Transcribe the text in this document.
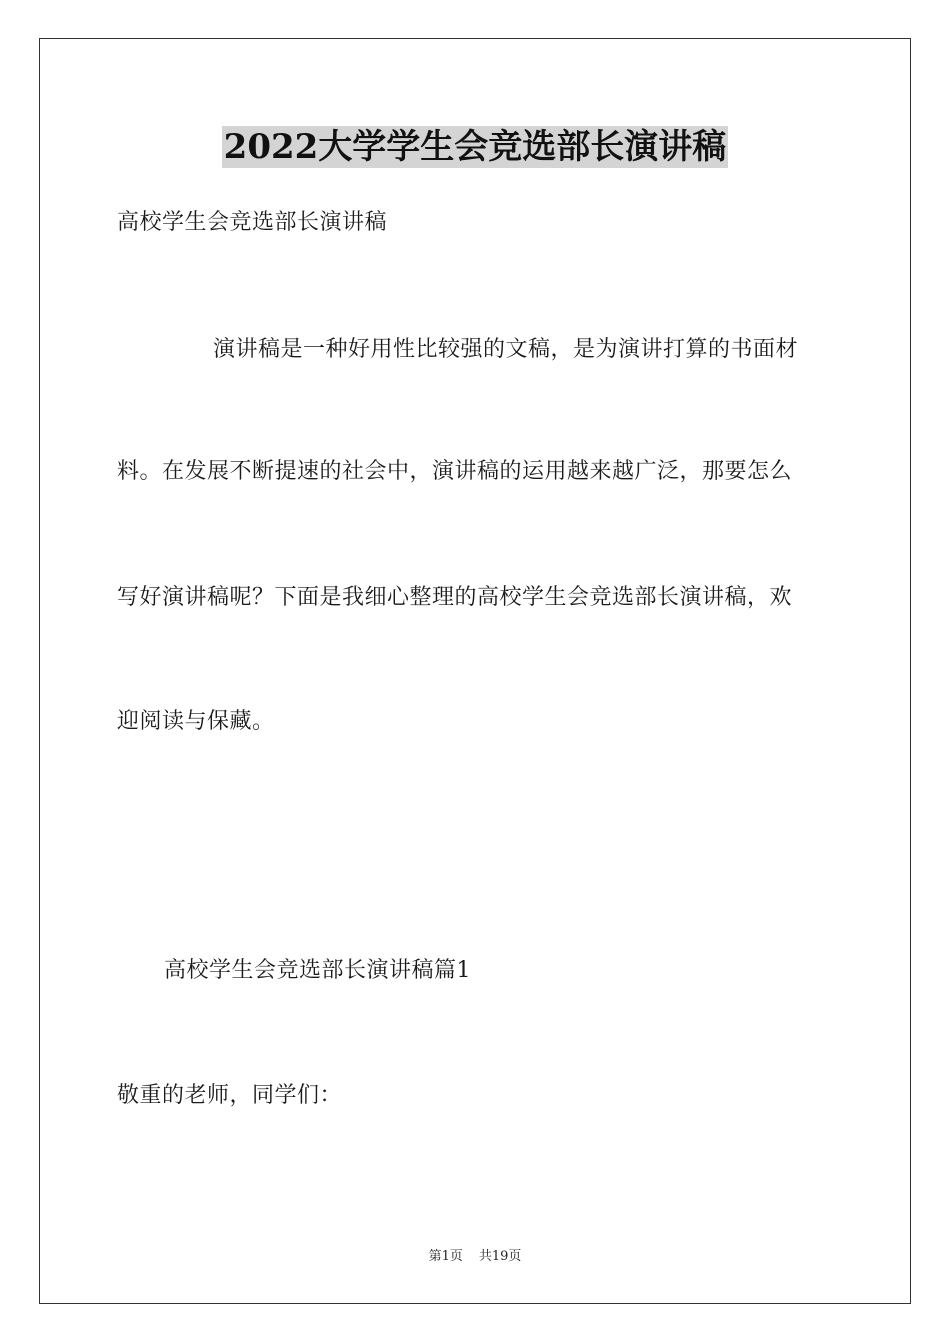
2022大学学生会竞选部长演讲稿
高校学生会竞选部长演讲稿
演讲稿是一种好用性比较强的文稿，是为演讲打算的书面材
料。在发展不断提速的社会中，演讲稿的运用越来越广泛，那要怎么
写好演讲稿呢？下面是我细心整理的高校学生会竞选部长演讲稿，欢
迎阅读与保藏。
高校学生会竞选部长演讲稿篇1
敬重的老师，同学们：
第1页 共19页
